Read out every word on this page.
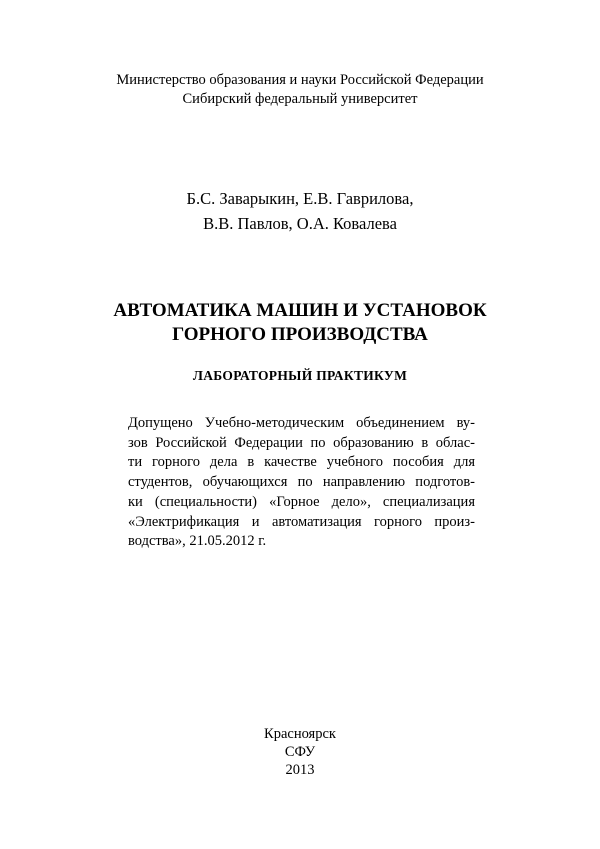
Министерство образования и науки Российской Федерации
Сибирский федеральный университет
Б.С. Заварыкин, Е.В. Гаврилова,
В.В. Павлов, О.А. Ковалева
АВТОМАТИКА МАШИН И УСТАНОВОК
ГОРНОГО ПРОИЗВОДСТВА
ЛАБОРАТОРНЫЙ ПРАКТИКУМ
Допущено Учебно-методическим объединением ву-
зов Российской Федерации по образованию в облас-
ти горного дела в качестве учебного пособия для
студентов, обучающихся по направлению подготов-
ки (специальности) «Горное дело», специализация
«Электрификация и автоматизация горного произ-
водства», 21.05.2012 г.
Красноярск
СФУ
2013
